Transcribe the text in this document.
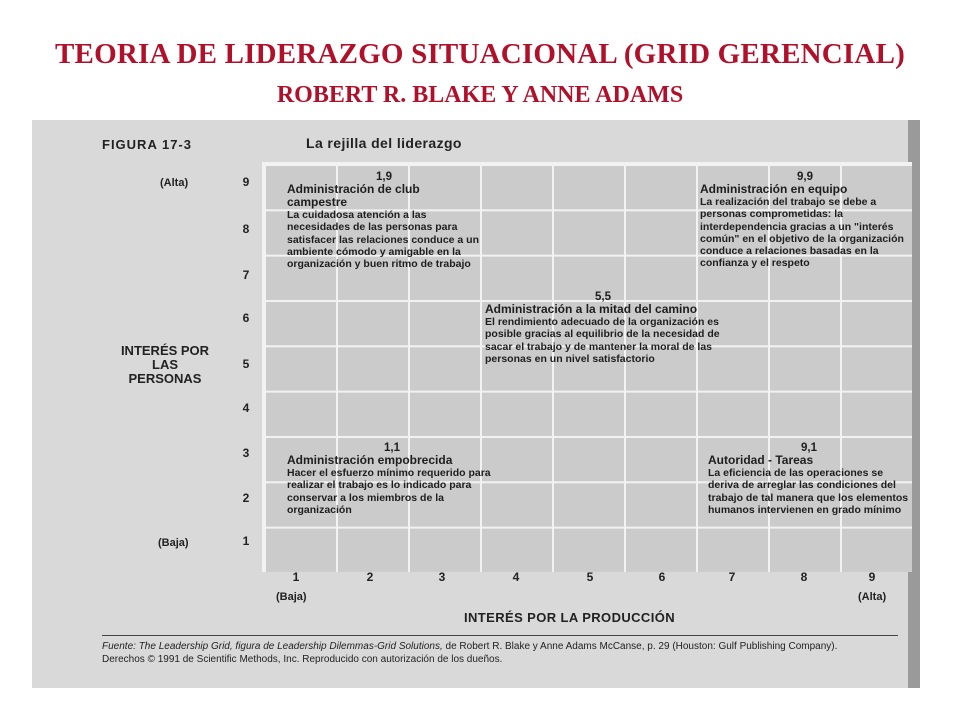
TEORIA DE LIDERAZGO SITUACIONAL (GRID GERENCIAL)
ROBERT R. BLAKE Y ANNE ADAMS
FIGURA 17-3	La rejilla del liderazgo
9
8
7
6
5
4
3
2
1
(Alta)
(Baja)
INTERÉS POR LAS PERSONAS
1	2	3	4	5	6	7	8	9
(Baja)	(Alta)
INTERÉS POR LA PRODUCCIÓN
1,9
Administración de club campestre
La cuidadosa atención a las necesidades de las personas para satisfacer las relaciones conduce a un ambiente cómodo y amigable en la organización y buen ritmo de trabajo
9,9
Administración en equipo
La realización del trabajo se debe a personas comprometidas: la interdependencia gracias a un "interés común" en el objetivo de la organización conduce a relaciones basadas en la confianza y el respeto
5,5
Administración a la mitad del camino
El rendimiento adecuado de la organización es posible gracias al equilibrio de la necesidad de sacar el trabajo y de mantener la moral de las personas en un nivel satisfactorio
1,1
Administración empobrecida
Hacer el esfuerzo mínimo requerido para realizar el trabajo es lo indicado para conservar a los miembros de la organización
9,1
Autoridad - Tareas
La eficiencia de las operaciones se deriva de arreglar las condiciones del trabajo de tal manera que los elementos humanos intervienen en grado mínimo
Fuente: The Leadership Grid, figura de Leadership Dilemmas-Grid Solutions, de Robert R. Blake y Anne Adams McCanse, p. 29 (Houston: Gulf Publishing Company).
Derechos © 1991 de Scientific Methods, Inc. Reproducido con autorización de los dueños.
